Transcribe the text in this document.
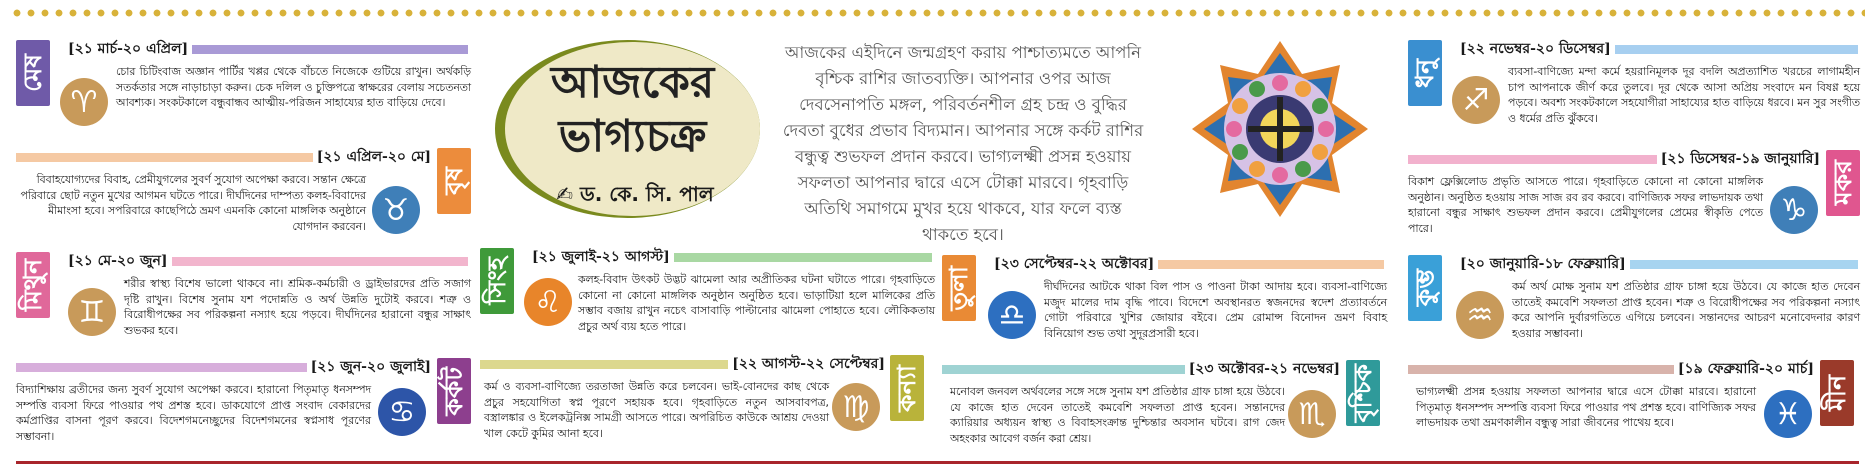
মেষ
[২১ মার্চ-২০ এপ্রিল]
♈
চোর চিটিংবাজ অজ্ঞান পার্টির খপ্পর থেকে বাঁচতে নিজেকে গুটিয়ে রাখুন। অর্থকড়ি সতর্কতার সঙ্গে নাড়াচাড়া করুন। চেক দলিল ও চুক্তিপত্রে স্বাক্ষরের বেলায় সচেতনতা আবশ্যক। সংকটকালে বন্ধুবান্ধব আত্মীয়-পরিজন সাহায্যের হাত বাড়িয়ে দেবে।
বৃষ
[২১ এপ্রিল-২০ মে]
♉
বিবাহযোগ্যদের বিবাহ, প্রেমীযুগলের সুবর্ণ সুযোগ অপেক্ষা করবে। সন্তান ক্ষেত্রে পরিবারে ছোট নতুন মুখের আগমন ঘটতে পারে। দীর্ঘদিনের দাম্পত্য কলহ-বিবাদের মীমাংসা হবে। সপরিবারে কাছেপিঠে ভ্রমণ এমনকি কোনো মাঙ্গলিক অনুষ্ঠানে যোগদান করবেন।
মিথুন	[২১ মে-২০ জুন]
♊
শরীর স্বাস্থ্য বিশেষ ভালো থাকবে না। শ্রমিক-কর্মচারী ও ড্রাইভারদের প্রতি সজাগ দৃষ্টি রাখুন। বিশেষ সুনাম যশ পদোন্নতি ও অর্থ উন্নতি দুটোই করবে। শত্রু ও বিরোধীপক্ষের সব পরিকল্পনা নস্যাৎ হয়ে পড়বে। দীর্ঘদিনের হারানো বন্ধুর সাক্ষাৎ শুভকর হবে।
কর্কট
[২১ জুন-২০ জুলাই]
♋
বিদ্যাশিক্ষায় ব্রতীদের জন্য সুবর্ণ সুযোগ অপেক্ষা করবে। হারানো পিতৃমাতৃ ধনসম্পদ সম্পত্তি ব্যবসা ফিরে পাওয়ার পথ প্রশস্ত হবে। ডাকযোগে প্রাপ্ত সংবাদ বেকারদের কর্মপ্রাপ্তির বাসনা পূরণ করবে। বিদেশগমনেচ্ছুদের বিদেশগমনের স্বপ্নসাধ পূরণের সম্ভাবনা।
আজকের
ভাগ্যচক্র
✍ ড. কে. সি. পাল
আজকের এইদিনে জন্মগ্রহণ করায় পাশ্চাত্যমতে আপনি বৃশ্চিক রাশির জাতব্যক্তি। আপনার ওপর আজ দেবসেনাপতি মঙ্গল, পরিবর্তনশীল গ্রহ চন্দ্র ও বুদ্ধির দেবতা বুধের প্রভাব বিদ্যমান। আপনার সঙ্গে কর্কট রাশির বন্ধুত্ব শুভফল প্রদান করবে। ভাগ্যলক্ষ্মী প্রসন্ন হওয়ায় সফলতা আপনার দ্বারে এসে টোক্কা মারবে। গৃহবাড়ি অতিথি সমাগমে মুখর হয়ে থাকবে, যার ফলে ব্যস্ত থাকতে হবে।
সিংহ
[২১ জুলাই-২১ আগস্ট]
♌
কলহ-বিবাদ উৎকট উদ্ভট ঝামেলা আর অপ্রীতিকর ঘটনা ঘটাতে পারে। গৃহবাড়িতে কোনো না কোনো মাঙ্গলিক অনুষ্ঠান অনুষ্ঠিত হবে। ভাড়াটিয়া হলে মালিকের প্রতি সম্ভাব বজায় রাখুন নচেৎ বাসাবাড়ি পাল্টানোর ঝামেলা পোহাতে হবে। লৌকিকতায় প্রচুর অর্থ ব্যয় হতে পারে।
কন্যা
[২২ আগস্ট-২২ সেপ্টেম্বর]
♍
কর্ম ও ব্যবসা-বাণিজ্যে তরতাজা উন্নতি করে চলবেন। ভাই-বোনদের কাছ থেকে প্রচুর সহযোগিতা স্বপ্ন পূরণে সহায়ক হবে। গৃহবাড়িতে নতুন আসবাবপত্র, বস্ত্রালঙ্কার ও ইলেকট্রনিক্স সামগ্রী আসতে পারে। অপরিচিত কাউকে আশ্রয় দেওয়া খাল কেটে কুমির আনা হবে।
তুলা
[২৩ সেপ্টেম্বর-২২ অক্টোবর]
♎
দীর্ঘদিনের আটকে থাকা বিল পাস ও পাওনা টাকা আদায় হবে। ব্যবসা-বাণিজ্যে মজুদ মালের দাম বৃদ্ধি পাবে। বিদেশে অবস্থানরত স্বজনদের স্বদেশ প্রত্যাবর্তনে গোটা পরিবারে খুশির জোয়ার বইবে। প্রেম রোমান্স বিনোদন ভ্রমণ বিবাহ বিনিয়োগ শুভ তথা সুদূরপ্রসারী হবে।
বৃশ্চিক
[২৩ অক্টোবর-২১ নভেম্বর]
♏
মনোবল জনবল অর্থবলের সঙ্গে সঙ্গে সুনাম যশ প্রতিষ্ঠার গ্রাফ চাঙ্গা হয়ে উঠবে। যে কাজে হাত দেবেন তাতেই কমবেশি সফলতা প্রাপ্ত হবেন। সন্তানদের ক্যারিয়ার অধ্যয়ন স্বাস্থ্য ও বিবাহসংক্রান্ত দুশ্চিন্তার অবসান ঘটবে। রাগ জেদ অহংকার আবেগ বর্জন করা শ্রেয়।
ধনু
[২২ নভেম্বর-২০ ডিসেম্বর]
♐
ব্যবসা-বাণিজ্যে মন্দা কর্মে হয়রানিমূলক দূর বদলি অপ্রত্যাশিত খরচের লাগামহীন চাপ আপনাকে জীর্ণ করে তুলবে। দূর থেকে আসা অপ্রিয় সংবাদে মন বিষণ্ণ হয়ে পড়বে। অবশ্য সংকটকালে সহযোগীরা সাহায্যের হাত বাড়িয়ে ধরবে। মন সুর সংগীত ও ধর্মের প্রতি ঝুঁকবে।
মকর
[২১ ডিসেম্বর-১৯ জানুয়ারি]
♑
বিকাশ ফ্লেক্সিলোড প্রভৃতি আসতে পারে। গৃহবাড়িতে কোনো না কোনো মাঙ্গলিক অনুষ্ঠান। অনুষ্ঠিত হওয়ায় সাজ সাজ রব রব করবে। বাণিজ্যিক সফর লাভদায়ক তথা হারানো বন্ধুর সাক্ষাৎ শুভফল প্রদান করবে। প্রেমীযুগলের প্রেমের স্বীকৃতি পেতে পারে।
কুম্ভ
[২০ জানুয়ারি-১৮ ফেব্রুয়ারি]
♒
কর্ম অর্থ মোক্ষ সুনাম যশ প্রতিষ্ঠার গ্রাফ চাঙ্গা হয়ে উঠবে। যে কাজে হাত দেবেন তাতেই কমবেশি সফলতা প্রাপ্ত হবেন। শত্রু ও বিরোধীপক্ষের সব পরিকল্পনা নস্যাৎ করে আপনি দুর্বারগতিতে এগিয়ে চলবেন। সন্তানদের আচরণ মনোবেদনার কারণ হওয়ার সম্ভাবনা।
মীন
[১৯ ফেব্রুয়ারি-২০ মার্চ]
♓
ভাগ্যলক্ষ্মী প্রসন্ন হওয়ায় সফলতা আপনার দ্বারে এসে টোক্কা মারবে। হারানো পিতৃমাতৃ ধনসম্পদ সম্পত্তি ব্যবসা ফিরে পাওয়ার পথ প্রশস্ত হবে। বাণিজ্যিক সফর লাভদায়ক তথা ভ্রমণকালীন বন্ধুত্ব সারা জীবনের পাথেয় হবে।
